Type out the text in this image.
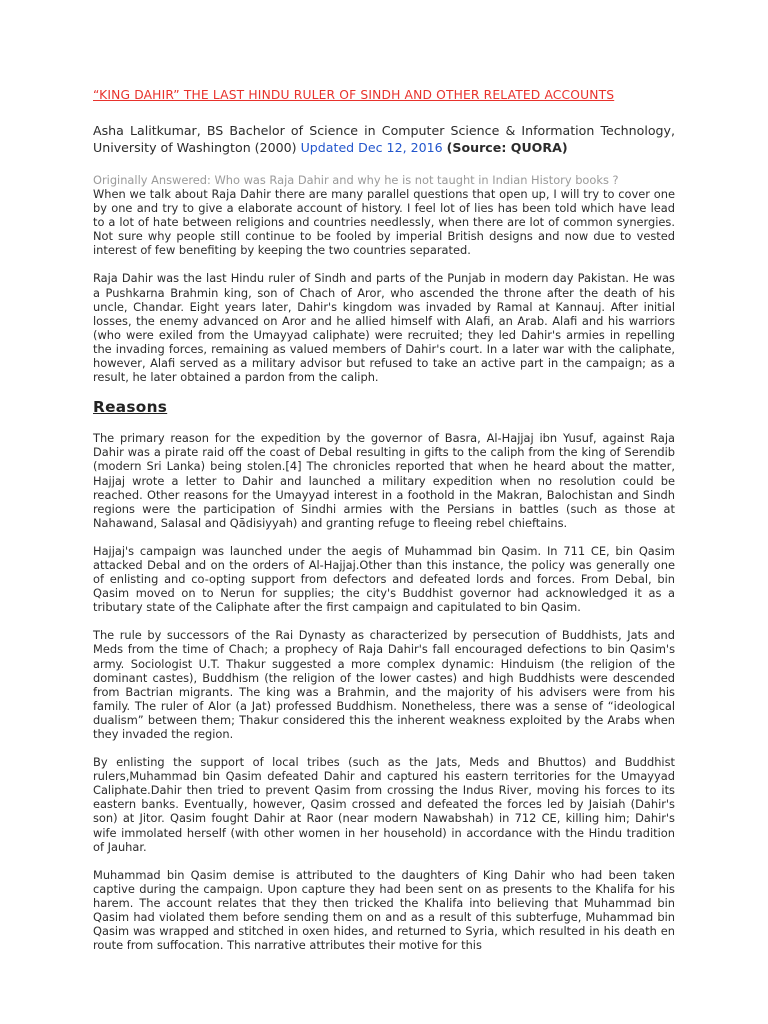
“KING DAHIR” THE LAST HINDU RULER OF SINDH AND OTHER RELATED ACCOUNTS

Asha Lalitkumar, BS Bachelor of Science in Computer Science & Information Technology, University of Washington (2000) Updated Dec 12, 2016 (Source: QUORA)

Originally Answered: Who was Raja Dahir and why he is not taught in Indian History books ?

When we talk about Raja Dahir there are many parallel questions that open up, I will try to cover one by one and try to give a elaborate account of history. I feel lot of lies has been told which have lead to a lot of hate between religions and countries needlessly, when there are lot of common synergies. Not sure why people still continue to be fooled by imperial British designs and now due to vested interest of few benefiting by keeping the two countries separated.

Raja Dahir was the last Hindu ruler of Sindh and parts of the Punjab in modern day Pakistan. He was a Pushkarna Brahmin king, son of Chach of Aror, who ascended the throne after the death of his uncle, Chandar. Eight years later, Dahir's kingdom was invaded by Ramal at Kannauj. After initial losses, the enemy advanced on Aror and he allied himself with Alafi, an Arab. Alafi and his warriors (who were exiled from the Umayyad caliphate) were recruited; they led Dahir's armies in repelling the invading forces, remaining as valued members of Dahir's court. In a later war with the caliphate, however, Alafi served as a military advisor but refused to take an active part in the campaign; as a result, he later obtained a pardon from the caliph.

Reasons

The primary reason for the expedition by the governor of Basra, Al-Hajjaj ibn Yusuf, against Raja Dahir was a pirate raid off the coast of Debal resulting in gifts to the caliph from the king of Serendib (modern Sri Lanka) being stolen.[4] The chronicles reported that when he heard about the matter, Hajjaj wrote a letter to Dahir and launched a military expedition when no resolution could be reached. Other reasons for the Umayyad interest in a foothold in the Makran, Balochistan and Sindh regions were the participation of Sindhi armies with the Persians in battles (such as those at Nahawand, Salasal and Qādisiyyah) and granting refuge to fleeing rebel chieftains.

Hajjaj's campaign was launched under the aegis of Muhammad bin Qasim. In 711 CE, bin Qasim attacked Debal and on the orders of Al-Hajjaj.Other than this instance, the policy was generally one of enlisting and co-opting support from defectors and defeated lords and forces. From Debal, bin Qasim moved on to Nerun for supplies; the city's Buddhist governor had acknowledged it as a tributary state of the Caliphate after the first campaign and capitulated to bin Qasim.

The rule by successors of the Rai Dynasty as characterized by persecution of Buddhists, Jats and Meds from the time of Chach; a prophecy of Raja Dahir's fall encouraged defections to bin Qasim's army. Sociologist U.T. Thakur suggested a more complex dynamic: Hinduism (the religion of the dominant castes), Buddhism (the religion of the lower castes) and high Buddhists were descended from Bactrian migrants. The king was a Brahmin, and the majority of his advisers were from his family. The ruler of Alor (a Jat) professed Buddhism. Nonetheless, there was a sense of “ideological dualism” between them; Thakur considered this the inherent weakness exploited by the Arabs when they invaded the region.

By enlisting the support of local tribes (such as the Jats, Meds and Bhuttos) and Buddhist rulers,Muhammad bin Qasim defeated Dahir and captured his eastern territories for the Umayyad Caliphate.Dahir then tried to prevent Qasim from crossing the Indus River, moving his forces to its eastern banks. Eventually, however, Qasim crossed and defeated the forces led by Jaisiah (Dahir's son) at Jitor. Qasim fought Dahir at Raor (near modern Nawabshah) in 712 CE, killing him; Dahir's wife immolated herself (with other women in her household) in accordance with the Hindu tradition of Jauhar.

Muhammad bin Qasim demise is attributed to the daughters of King Dahir who had been taken captive during the campaign. Upon capture they had been sent on as presents to the Khalifa for his harem. The account relates that they then tricked the Khalifa into believing that Muhammad bin Qasim had violated them before sending them on and as a result of this subterfuge, Muhammad bin Qasim was wrapped and stitched in oxen hides, and returned to Syria, which resulted in his death en route from suffocation. This narrative attributes their motive for this
